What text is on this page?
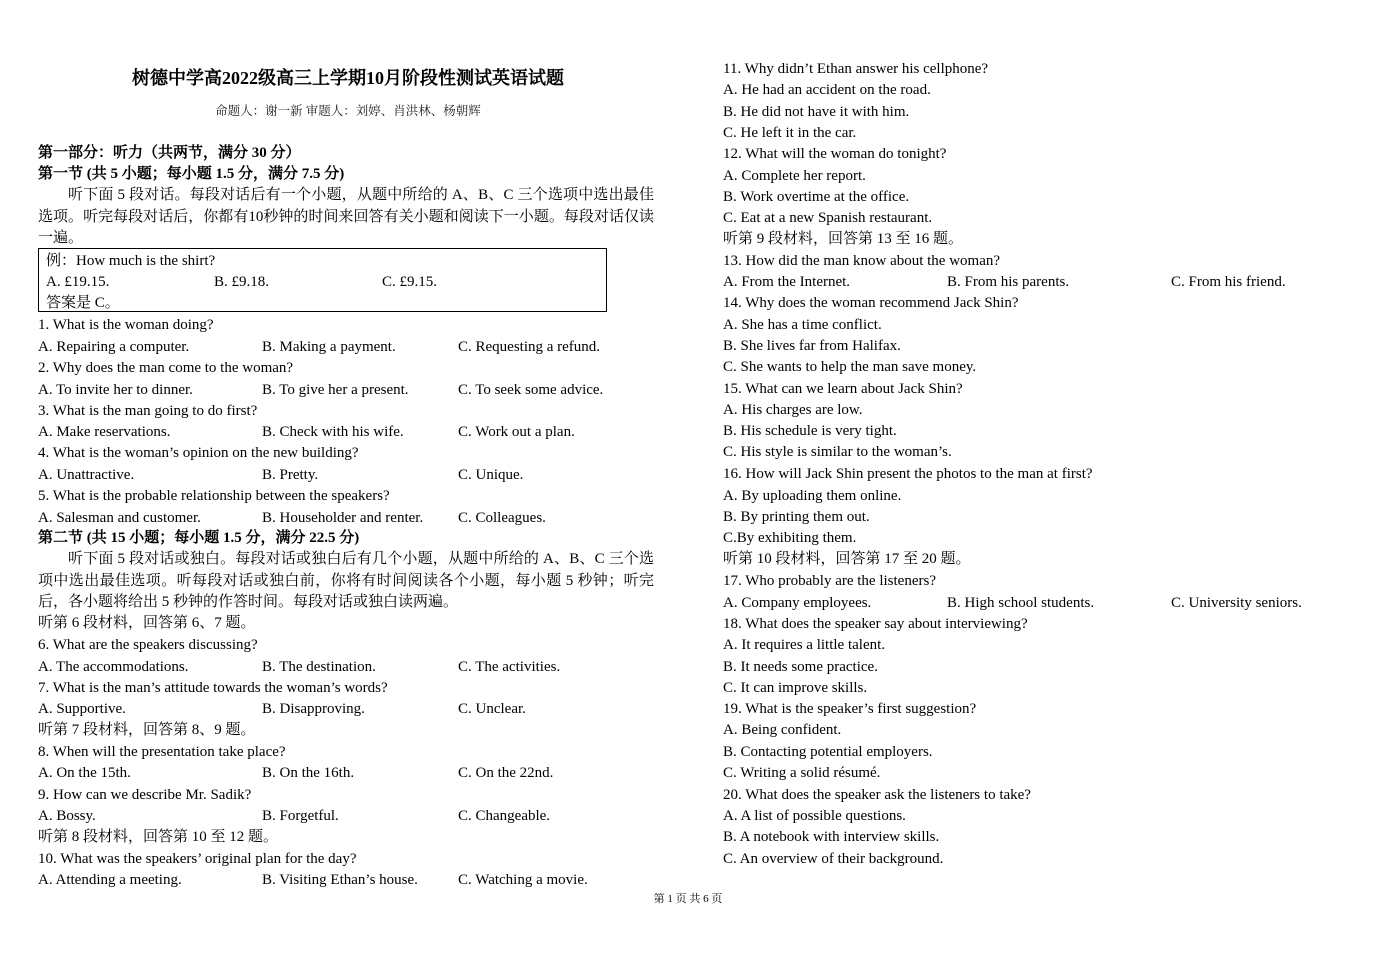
树德中学高2022级高三上学期10月阶段性测试英语试题
命题人：谢一新 审题人：刘婷、肖洪林、杨朝辉
第一部分：听力（共两节，满分 30 分）
第一节 (共 5 小题；每小题 1.5 分，满分 7.5 分)
听下面 5 段对话。每段对话后有一个小题，从题中所给的 A、B、C 三个选项中选出最佳选项。听完每段对话后，你都有10秒钟的时间来回答有关小题和阅读下一小题。每段对话仅读一遍。
例：How much is the shirt?
A. £19.15.	B. £9.18.	C. £9.15.
答案是 C。
1. What is the woman doing?
A. Repairing a computer.	B. Making a payment.	C. Requesting a refund.
2. Why does the man come to the woman?
A. To invite her to dinner.	B. To give her a present.	C. To seek some advice.
3. What is the man going to do first?
A. Make reservations.	B. Check with his wife.	C. Work out a plan.
4. What is the woman’s opinion on the new building?
A. Unattractive.	B. Pretty.	C. Unique.
5. What is the probable relationship between the speakers?
A. Salesman and customer.	B. Householder and renter. C. Colleagues.
第二节 (共 15 小题；每小题 1.5 分，满分 22.5 分)
听下面 5 段对话或独白。每段对话或独白后有几个小题，从题中所给的 A、B、C 三个选项中选出最佳选项。听每段对话或独白前，你将有时间阅读各个小题，每小题 5 秒钟；听完后，各小题将给出 5 秒钟的作答时间。每段对话或独白读两遍。
听第 6 段材料，回答第 6、7 题。
6. What are the speakers discussing?
A. The accommodations.	B. The destination.	C. The activities.
7. What is the man’s attitude towards the woman’s words?
A. Supportive.	B. Disapproving.	C. Unclear.
听第 7 段材料，回答第 8、9 题。
8. When will the presentation take place?
A. On the 15th.	B. On the 16th.	C. On the 22nd.
9. How can we describe Mr. Sadik?
A. Bossy.	B. Forgetful.	C. Changeable.
听第 8 段材料，回答第 10 至 12 题。
10. What was the speakers’ original plan for the day?
A. Attending a meeting.	B. Visiting Ethan’s house.	C. Watching a movie.
11. Why didn’t Ethan answer his cellphone?
A. He had an accident on the road.
B. He did not have it with him.
C. He left it in the car.
12. What will the woman do tonight?
A. Complete her report.
B. Work overtime at the office.
C. Eat at a new Spanish restaurant.
听第 9 段材料，回答第 13 至 16 题。
13. How did the man know about the woman?
A. From the Internet.	B. From his parents.	C. From his friend.
14. Why does the woman recommend Jack Shin?
A. She has a time conflict.
B. She lives far from Halifax.
C. She wants to help the man save money.
15. What can we learn about Jack Shin?
A. His charges are low.
B. His schedule is very tight.
C. His style is similar to the woman’s.
16. How will Jack Shin present the photos to the man at first?
A. By uploading them online.
B. By printing them out.
C.By exhibiting them.
听第 10 段材料，回答第 17 至 20 题。
17. Who probably are the listeners?
A. Company employees.	B. High school students.	C. University seniors.
18. What does the speaker say about interviewing?
A. It requires a little talent.
B. It needs some practice.
C. It can improve skills.
19. What is the speaker’s first suggestion?
A. Being confident.
B. Contacting potential employers.
C. Writing a solid résumé.
20. What does the speaker ask the listeners to take?
A. A list of possible questions.
B. A notebook with interview skills.
C. An overview of their background.
第 1 页 共 6 页
